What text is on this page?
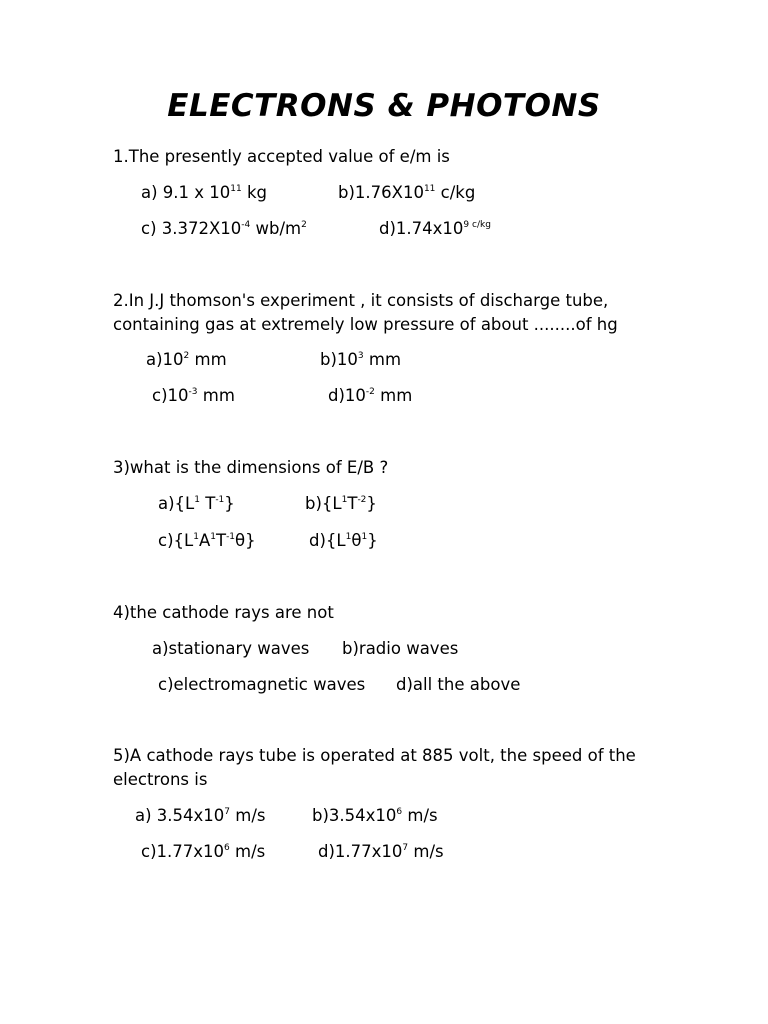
ELECTRONS & PHOTONS

1.The presently accepted value of e/m is

a) 9.1 x $10^{11}$ kg	$b)1.76X10^{11}$ c/kg
c) $3.372X10^{-4}$ $wb/m^2$	$d)1.74x10^{9 c/kg}$

2.In J.J thomson's experiment , it consists of discharge tube, containing gas at extremely low pressure of about ........of hg

$a)10^2$ mm	$b)10^3$ mm
$c)10^{-3}$ mm	$d)10^{-2}$ mm

3)what is the dimensions of E/B ?

$a)\{L^1$ $T^{-1}$}	$b)\{L^1T^{-2}\}$
$c)\{L^1A^1T^{-1}\theta\}$	$d)\{L^1\theta^1\}$

4)the cathode rays are not

a)stationary waves b)radio waves
c)electromagnetic waves d)all the above

5)A cathode rays tube is operated at 885 volt, the speed of the electrons is

a) $3.54x10^7$ m/s	$b)3.54x10^6$ m/s
$c)1.77x10^6$ m/s	$d)1.77x10^7$ m/s
